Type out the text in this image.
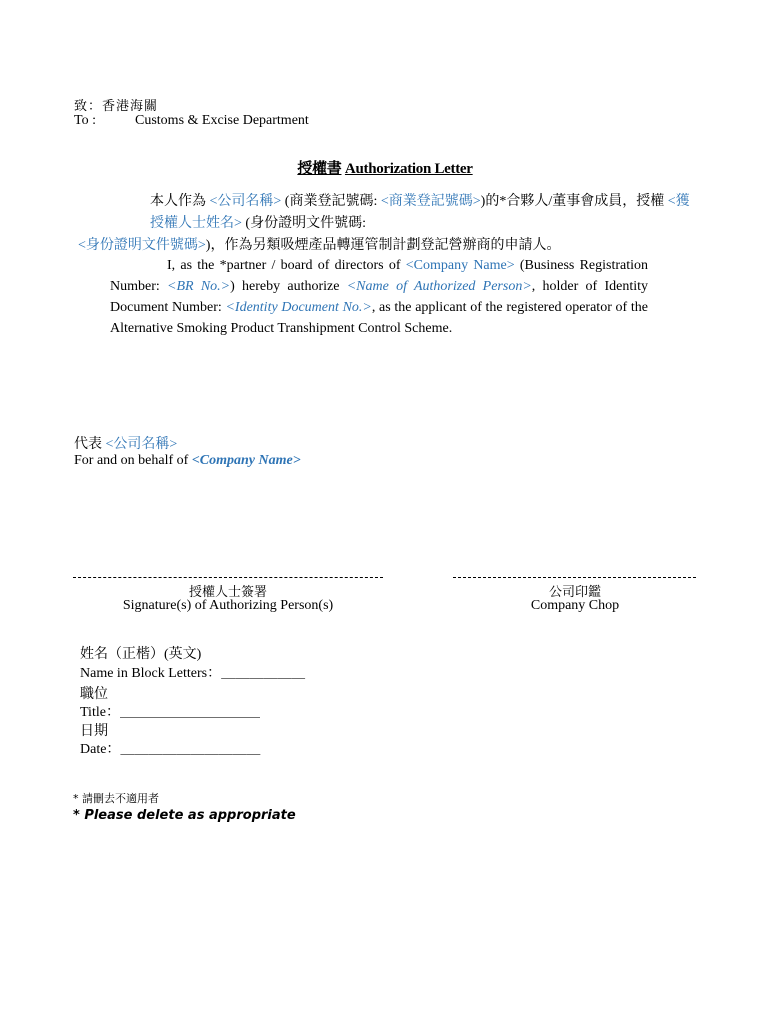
致：香港海關
To :	Customs & Excise Department
授權書 Authorization Letter
本人作為 <公司名稱> (商業登記號碼: <商業登記號碼>)的*合夥人/董事會成員，授權 <獲授權人士姓名> (身份證明文件號碼:
<身份證明文件號碼>)，作為另類吸煙產品轉運管制計劃登記營辦商的申請人。
I, as the *partner / board of directors of <Company Name> (Business Registration Number: <BR No.>) hereby authorize <Name of Authorized Person>, holder of Identity Document Number: <Identity Document No.>, as the applicant of the registered operator of the Alternative Smoking Product Transhipment Control Scheme.
代表 <公司名稱>
For and on behalf of <Company Name>
授權人士簽署
Signature(s) of Authorizing Person(s)
公司印鑑
Company Chop
姓名（正楷）(英文)
Name in Block Letters：＿＿＿＿＿＿
職位
Title：＿＿＿＿＿＿＿＿＿＿
日期
Date：＿＿＿＿＿＿＿＿＿＿
* 請刪去不適用者
* Please delete as appropriate
